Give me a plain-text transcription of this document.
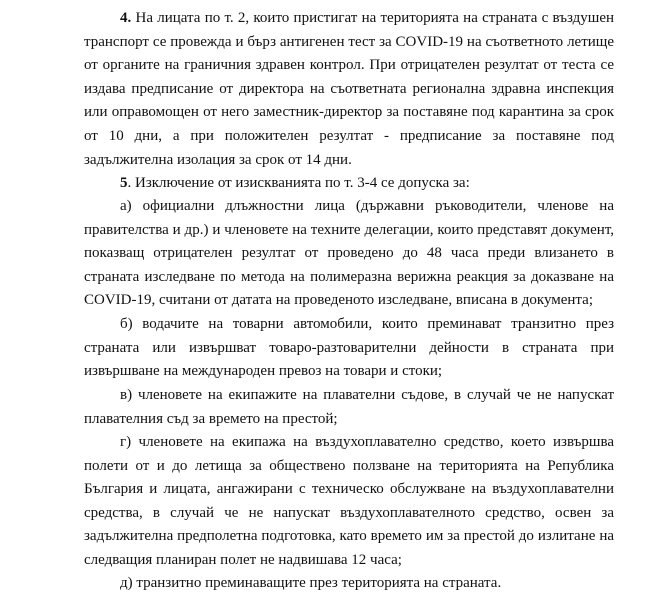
4. На лицата по т. 2, които пристигат на територията на страната с въздушен транспорт се провежда и бърз антигенен тест за COVID-19 на съответното летище от органите на граничния здравен контрол. При отрицателен резултат от теста се издава предписание от директора на съответната регионална здравна инспекция или оправомощен от него заместник-директор за поставяне под карантина за срок от 10 дни, а при положителен резултат - предписание за поставяне под задължителна изолация за срок от 14 дни.

5. Изключение от изискванията по т. 3-4 се допуска за:

а) официални длъжностни лица (държавни ръководители, членове на правителства и др.) и членовете на техните делегации, които представят документ, показващ отрицателен резултат от проведено до 48 часа преди влизането в страната изследване по метода на полимеразна верижна реакция за доказване на COVID-19, считани от датата на проведеното изследване, вписана в документа;

б) водачите на товарни автомобили, които преминават транзитно през страната или извършват товаро-разтоварителни дейности в страната при извършване на международен превоз на товари и стоки;

в) членовете на екипажите на плавателни съдове, в случай че не напускат плавателния съд за времето на престой;

г) членовете на екипажа на въздухоплавателно средство, което извършва полети от и до летища за обществено ползване на територията на Република България и лицата, ангажирани с техническо обслужване на въздухоплавателни средства, в случай че не напускат въздухоплавателното средство, освен за задължителна предполетна подготовка, като времето им за престой до излитане на следващия планиран полет не надвишава 12 часа;

д) транзитно преминаващите през територията на страната.
